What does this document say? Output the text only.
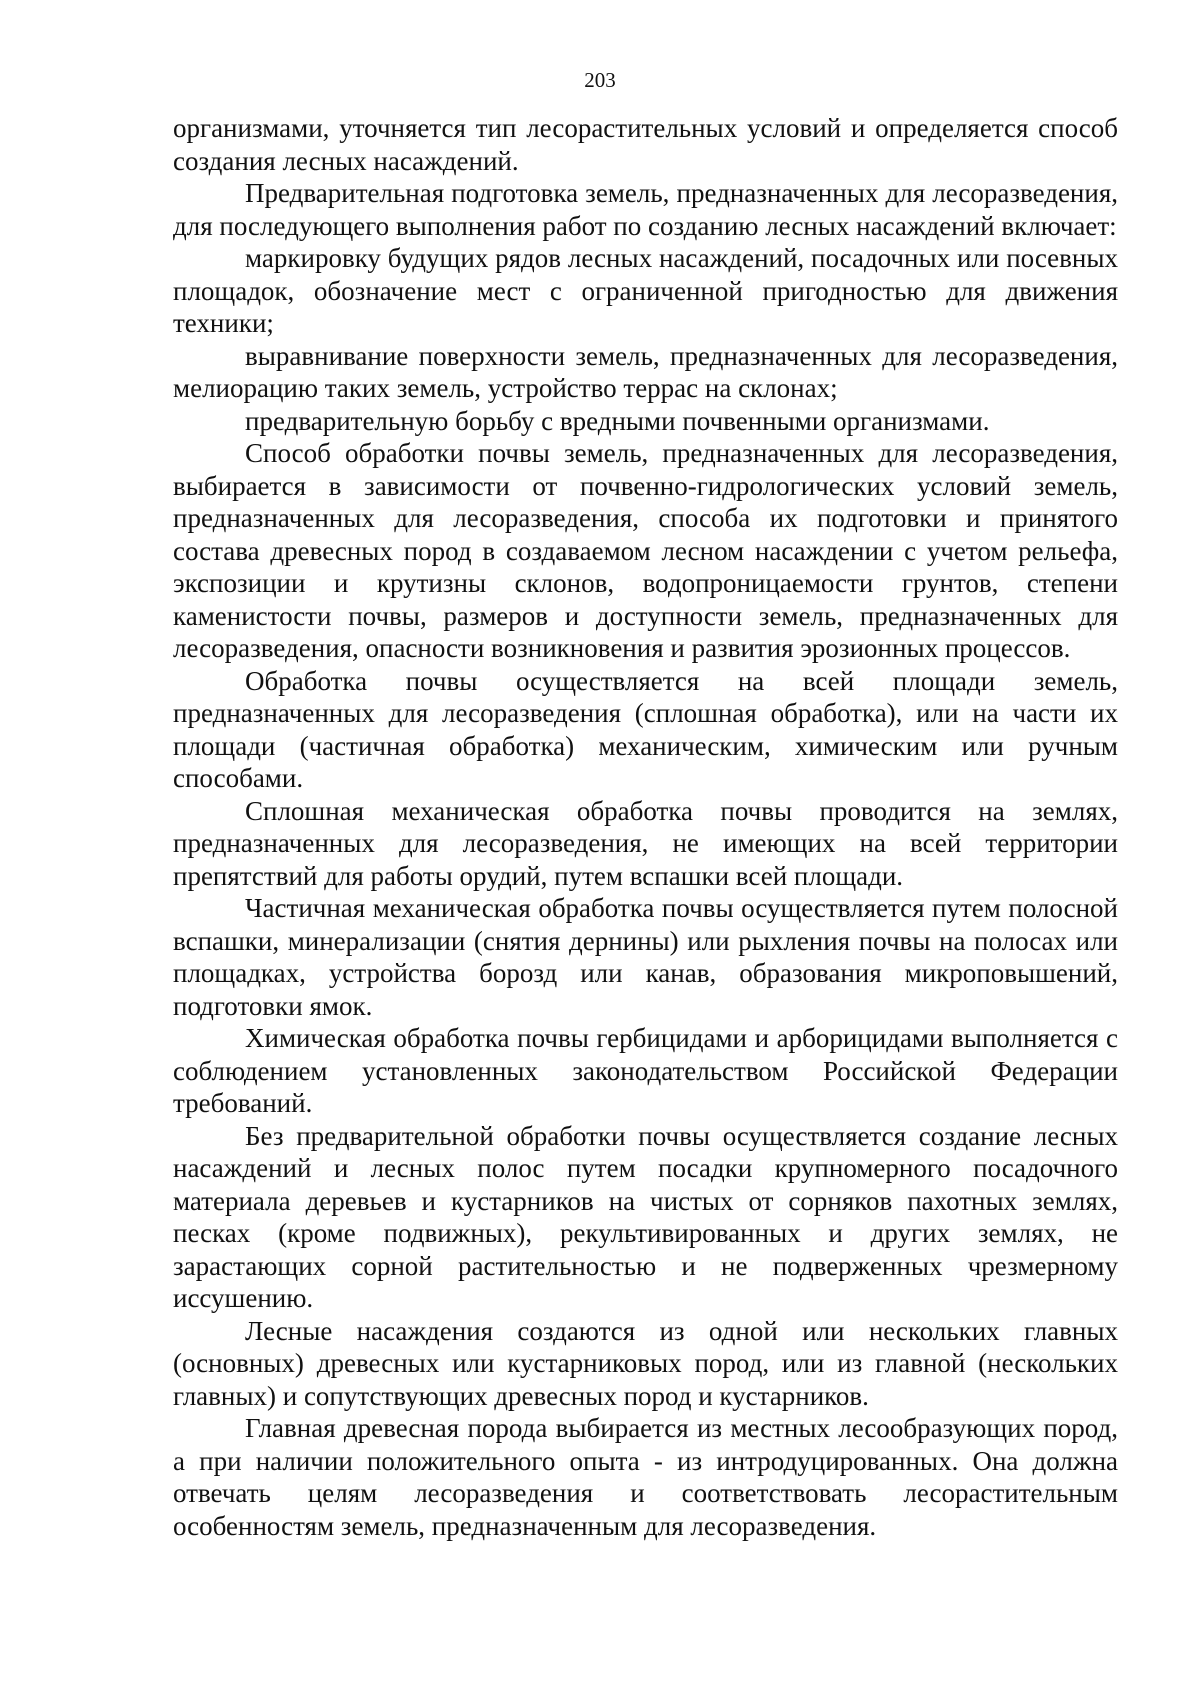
203

организмами, уточняется тип лесорастительных условий и определяется способ создания лесных насаждений.

Предварительная подготовка земель, предназначенных для лесоразведения, для последующего выполнения работ по созданию лесных насаждений включает:

маркировку будущих рядов лесных насаждений, посадочных или посевных площадок, обозначение мест с ограниченной пригодностью для движения техники;

выравнивание поверхности земель, предназначенных для лесоразведения, мелиорацию таких земель, устройство террас на склонах;

предварительную борьбу с вредными почвенными организмами.

Способ обработки почвы земель, предназначенных для лесоразведения, выбирается в зависимости от почвенно-гидрологических условий земель, предназначенных для лесоразведения, способа их подготовки и принятого состава древесных пород в создаваемом лесном насаждении с учетом рельефа, экспозиции и крутизны склонов, водопроницаемости грунтов, степени каменистости почвы, размеров и доступности земель, предназначенных для лесоразведения, опасности возникновения и развития эрозионных процессов.

Обработка почвы осуществляется на всей площади земель, предназначенных для лесоразведения (сплошная обработка), или на части их площади (частичная обработка) механическим, химическим или ручным способами.

Сплошная механическая обработка почвы проводится на землях, предназначенных для лесоразведения, не имеющих на всей территории препятствий для работы орудий, путем вспашки всей площади.

Частичная механическая обработка почвы осуществляется путем полосной вспашки, минерализации (снятия дернины) или рыхления почвы на полосах или площадках, устройства борозд или канав, образования микроповышений, подготовки ямок.

Химическая обработка почвы гербицидами и арборицидами выполняется с соблюдением установленных законодательством Российской Федерации требований.

Без предварительной обработки почвы осуществляется создание лесных насаждений и лесных полос путем посадки крупномерного посадочного материала деревьев и кустарников на чистых от сорняков пахотных землях, песках (кроме подвижных), рекультивированных и других землях, не зарастающих сорной растительностью и не подверженных чрезмерному иссушению.

Лесные насаждения создаются из одной или нескольких главных (основных) древесных или кустарниковых пород, или из главной (нескольких главных) и сопутствующих древесных пород и кустарников.

Главная древесная порода выбирается из местных лесообразующих пород, а при наличии положительного опыта - из интродуцированных. Она должна отвечать целям лесоразведения и соответствовать лесорастительным особенностям земель, предназначенным для лесоразведения.
